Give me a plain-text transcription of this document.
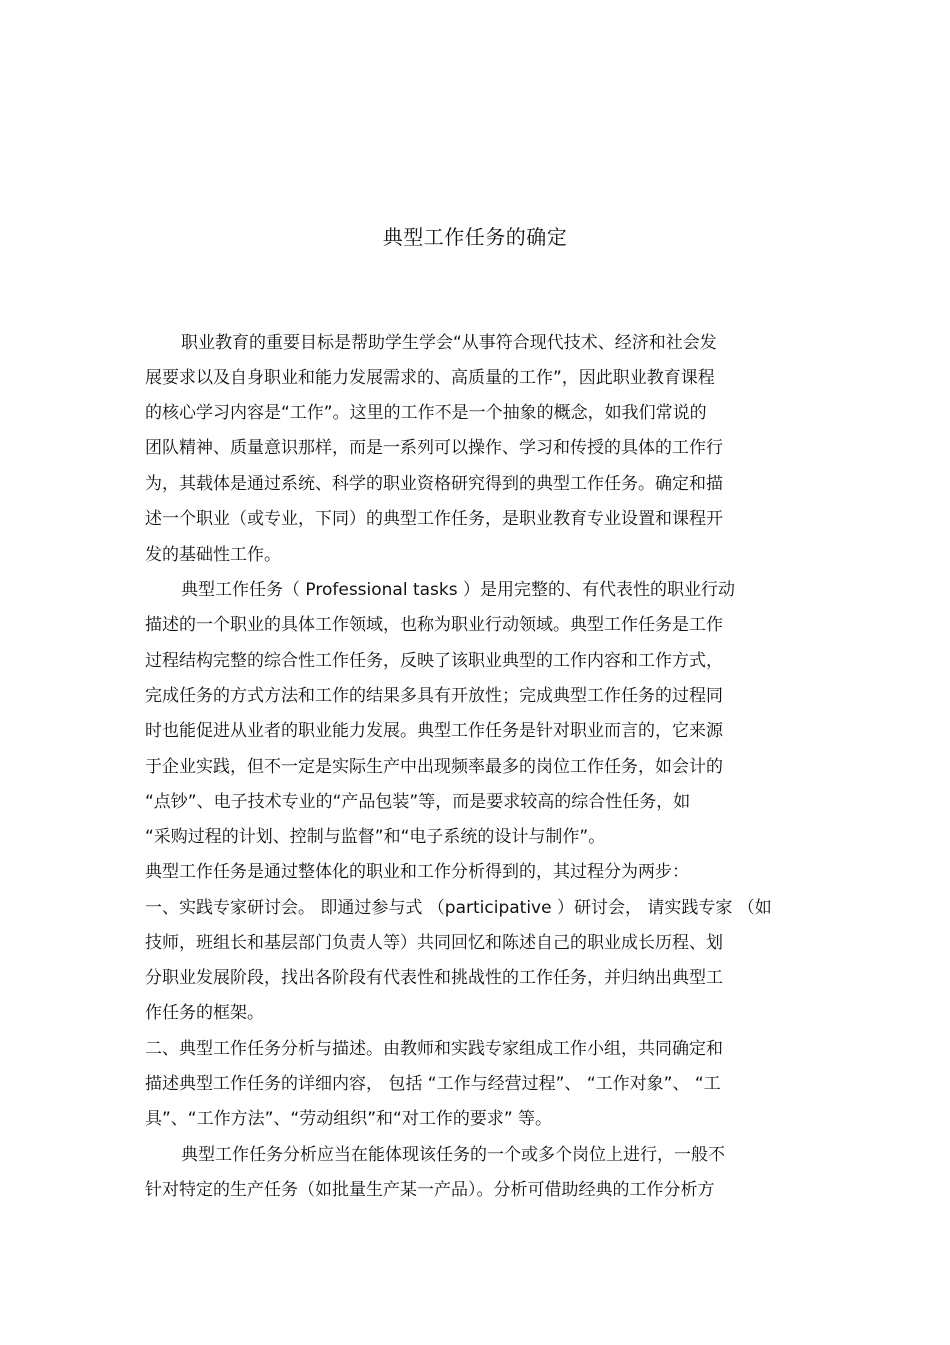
典型工作任务的确定
职业教育的重要目标是帮助学生学会“从事符合现代技术、经济和社会发
展要求以及自身职业和能力发展需求的、高质量的工作”，因此职业教育课程
的核心学习内容是“工作”。这里的工作不是一个抽象的概念，如我们常说的
团队精神、质量意识那样，而是一系列可以操作、学习和传授的具体的工作行
为，其载体是通过系统、科学的职业资格研究得到的典型工作任务。确定和描
述一个职业（或专业，下同）的典型工作任务，是职业教育专业设置和课程开
发的基础性工作。
典型工作任务（ Professional tasks ）是用完整的、有代表性的职业行动
描述的一个职业的具体工作领域，也称为职业行动领域。典型工作任务是工作
过程结构完整的综合性工作任务，反映了该职业典型的工作内容和工作方式，
完成任务的方式方法和工作的结果多具有开放性；完成典型工作任务的过程同
时也能促进从业者的职业能力发展。典型工作任务是针对职业而言的，它来源
于企业实践，但不一定是实际生产中出现频率最多的岗位工作任务，如会计的
“点钞”、电子技术专业的“产品包装”等，而是要求较高的综合性任务，如
“采购过程的计划、控制与监督”和“电子系统的设计与制作”。
典型工作任务是通过整体化的职业和工作分析得到的，其过程分为两步：
一、实践专家研讨会。 即通过参与式 （participative ）研讨会， 请实践专家 （如
技师，班组长和基层部门负责人等）共同回忆和陈述自己的职业成长历程、划
分职业发展阶段，找出各阶段有代表性和挑战性的工作任务，并归纳出典型工
作任务的框架。
二、典型工作任务分析与描述。由教师和实践专家组成工作小组，共同确定和
描述典型工作任务的详细内容， 包括 “工作与经营过程”、 “工作对象”、 “工
具”、“工作方法”、“劳动组织”和“对工作的要求” 等。
典型工作任务分析应当在能体现该任务的一个或多个岗位上进行，一般不
针对特定的生产任务（如批量生产某一产品）。分析可借助经典的工作分析方
